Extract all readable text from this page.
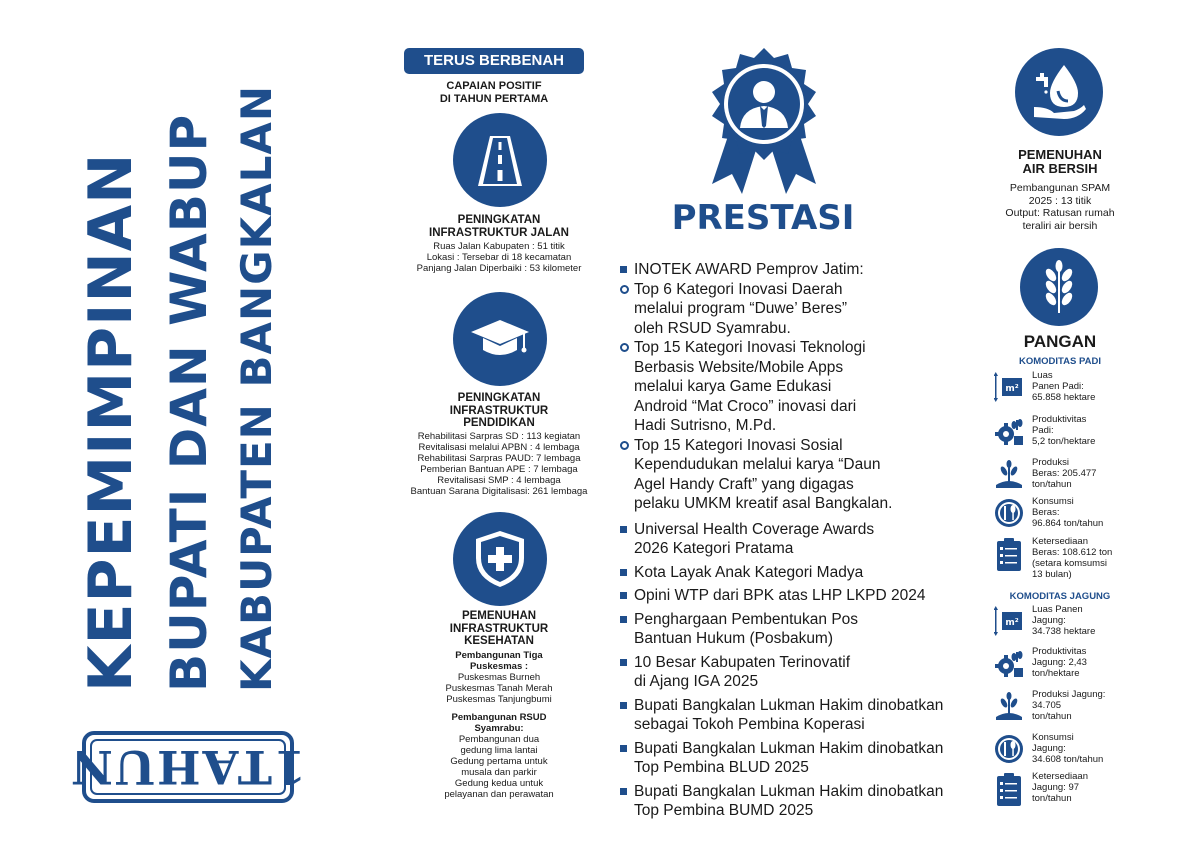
KEPEMIMPINAN BUPATI DAN WABUP KABUPATEN BANGKALAN
1TAHUN
TERUS BERBENAH
CAPAIAN POSITIF
DI TAHUN PERTAMA
PENINGKATAN
INFRASTRUKTUR JALAN
Ruas Jalan Kabupaten : 51 titik
Lokasi : Tersebar di 18 kecamatan
Panjang Jalan Diperbaiki : 53 kilometer
PENINGKATAN
INFRASTRUKTUR
PENDIDIKAN
Rehabilitasi Sarpras SD : 113 kegiatan
Revitalisasi melalui APBN : 4 lembaga
Rehabilitasi Sarpras PAUD: 7 lembaga
Pemberian Bantuan APE : 7 lembaga
Revitalisasi SMP : 4 lembaga
Bantuan Sarana Digitalisasi: 261 lembaga
PEMENUHAN
INFRASTRUKTUR
KESEHATAN
Pembangunan Tiga
Puskesmas :
Puskesmas Burneh
Puskesmas Tanah Merah
Puskesmas Tanjungbumi
Pembangunan RSUD
Syamrabu:
Pembangunan dua
gedung lima lantai
Gedung pertama untuk
musala dan parkir
Gedung kedua untuk
pelayanan dan perawatan
PRESTASI
INOTEK AWARD Pemprov Jatim:
Top 6 Kategori Inovasi Daerah
melalui program “Duwe’ Beres”
oleh RSUD Syamrabu.
Top 15 Kategori Inovasi Teknologi
Berbasis Website/Mobile Apps
melalui karya Game Edukasi
Android “Mat Croco” inovasi dari
Hadi Sutrisno, M.Pd.
Top 15 Kategori Inovasi Sosial
Kependudukan melalui karya “Daun
Agel Handy Craft” yang digagas
pelaku UMKM kreatif asal Bangkalan.
Universal Health Coverage Awards
2026 Kategori Pratama
Kota Layak Anak Kategori Madya
Opini WTP dari BPK atas LHP LKPD 2024
Penghargaan Pembentukan Pos
Bantuan Hukum (Posbakum)
10 Besar Kabupaten Terinovatif
di Ajang IGA 2025
Bupati Bangkalan Lukman Hakim dinobatkan
sebagai Tokoh Pembina Koperasi
Bupati Bangkalan Lukman Hakim dinobatkan
Top Pembina BLUD 2025
Bupati Bangkalan Lukman Hakim dinobatkan
Top Pembina BUMD 2025
PEMENUHAN
AIR BERSIH
Pembangunan SPAM
2025 : 13 titik
Output: Ratusan rumah
teraliri air bersih
PANGAN
KOMODITAS PADI
m²
Luas
Panen Padi:
65.858 hektare
Produktivitas
Padi:
5,2 ton/hektare
Produksi
Beras: 205.477
ton/tahun
Konsumsi
Beras:
96.864 ton/tahun
Ketersediaan
Beras: 108.612 ton
(setara komsumsi
13 bulan)
KOMODITAS JAGUNG
m²
Luas Panen
Jagung:
34.738 hektare
Produktivitas
Jagung: 2,43
ton/hektare
Produksi Jagung:
34.705
ton/tahun
Konsumsi
Jagung:
34.608 ton/tahun
Ketersediaan
Jagung: 97
ton/tahun
